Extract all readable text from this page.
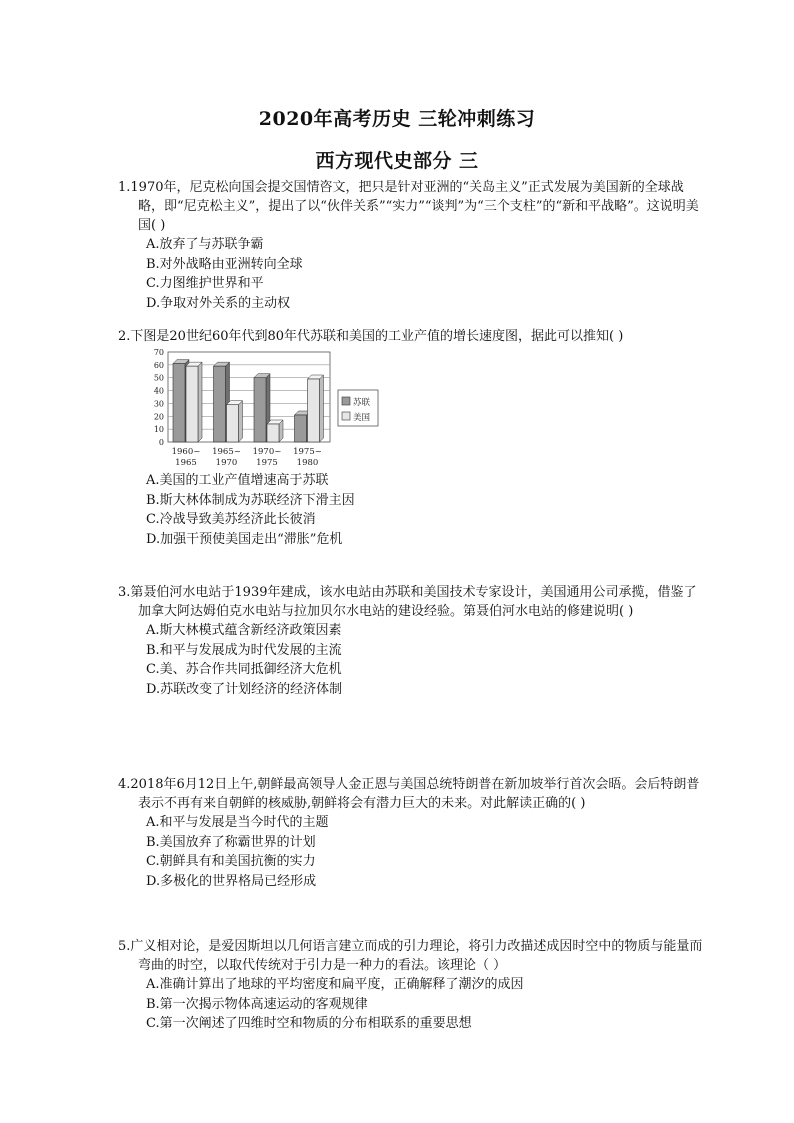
2020年高考历史 三轮冲刺练习
西方现代史部分 三

1.1970年，尼克松向国会提交国情咨文，把只是针对亚洲的“关岛主义”正式发展为美国新的全球战略，即“尼克松主义”，提出了以“伙伴关系”“实力”“谈判”为“三个支柱”的“新和平战略”。这说明美国( )

A.放弃了与苏联争霸
B.对外战略由亚洲转向全球
C.力图维护世界和平
D.争取对外关系的主动权

2.下图是20世纪60年代到80年代苏联和美国的工业产值的增长速度图，据此可以推知( )

A.美国的工业产值增速高于苏联
B.斯大林体制成为苏联经济下滑主因
C.冷战导致美苏经济此长彼消
D.加强干预使美国走出“滞胀”危机
0
10
20
30
40
50
60
70
1960~
1965
1965~
1970
1970~
1975
1975~
1980
苏联
美国

3.第聂伯河水电站于1939年建成，该水电站由苏联和美国技术专家设计，美国通用公司承揽，借鉴了加拿大阿达姆伯克水电站与拉加贝尔水电站的建设经验。第聂伯河水电站的修建说明( )

A.斯大林模式蕴含新经济政策因素
B.和平与发展成为时代发展的主流
C.美、苏合作共同抵御经济大危机
D.苏联改变了计划经济的经济体制

4.2018年6月12日上午,朝鲜最高领导人金正恩与美国总统特朗普在新加坡举行首次会晤。会后特朗普表示不再有来自朝鲜的核威胁,朝鲜将会有潜力巨大的未来。对此解读正确的( )

A.和平与发展是当今时代的主题
B.美国放弃了称霸世界的计划
C.朝鲜具有和美国抗衡的实力
D.多极化的世界格局已经形成

5.广义相对论，是爱因斯坦以几何语言建立而成的引力理论，将引力改描述成因时空中的物质与能量而弯曲的时空，以取代传统对于引力是一种力的看法。该理论（ ）

A.准确计算出了地球的平均密度和扁平度，正确解释了潮汐的成因
B.第一次揭示物体高速运动的客观规律
C.第一次阐述了四维时空和物质的分布相联系的重要思想
